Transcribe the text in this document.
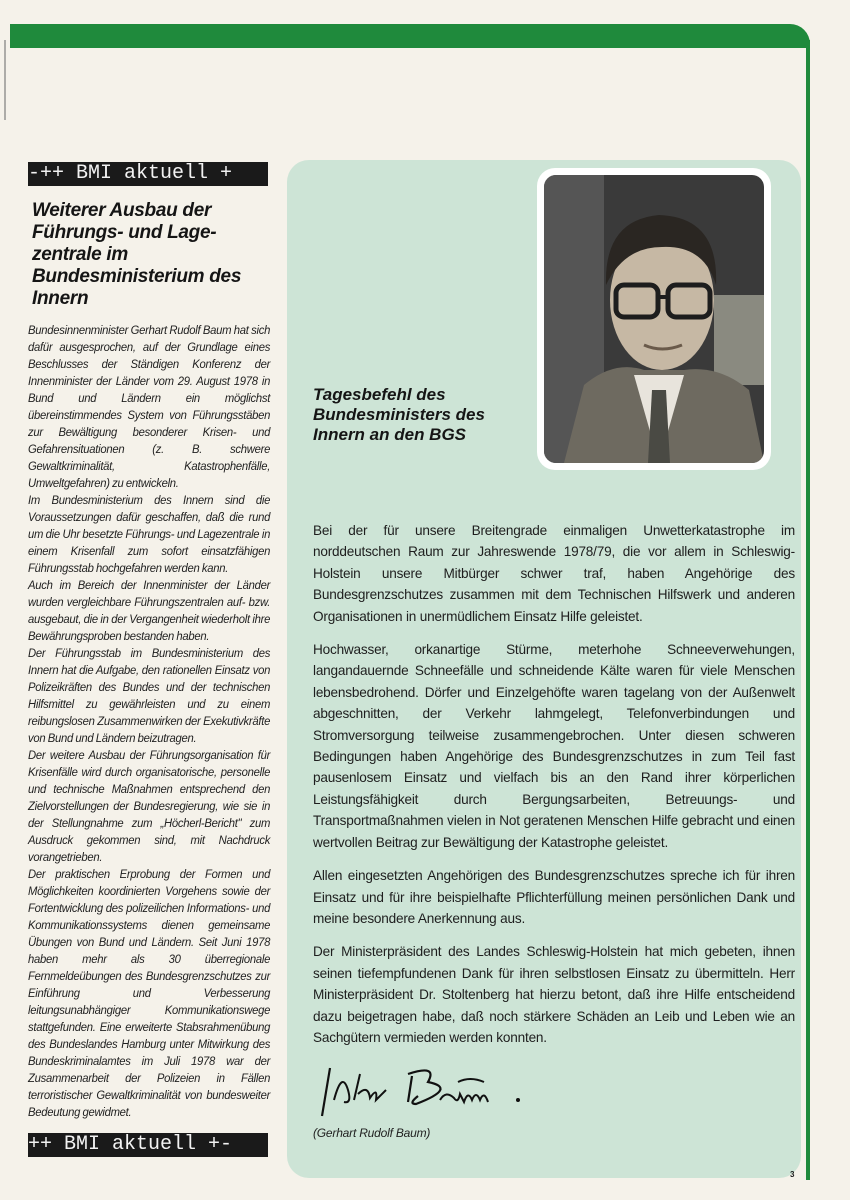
-++ BMI aktuell +
Weiterer Ausbau der Führungs- und Lage-zentrale im Bundesministerium des Innern

Bundesinnenminister Gerhart Rudolf Baum hat sich dafür ausgesprochen, auf der Grundlage eines Beschlusses der Ständigen Konferenz der Innenminister der Länder vom 29. August 1978 in Bund und Ländern ein möglichst übereinstimmendes System von Führungsstäben zur Bewältigung besonderer Krisen- und Gefahrensituationen (z. B. schwere Gewaltkriminalität, Katastrophenfälle, Umweltgefahren) zu entwickeln.

Im Bundesministerium des Innern sind die Voraussetzungen dafür geschaffen, daß die rund um die Uhr besetzte Führungs- und Lagezentrale in einem Krisenfall zum sofort einsatzfähigen Führungsstab hochgefahren werden kann.

Auch im Bereich der Innenminister der Länder wurden vergleichbare Führungszentralen auf- bzw. ausgebaut, die in der Vergangenheit wiederholt ihre Bewährungsproben bestanden haben.

Der Führungsstab im Bundesministerium des Innern hat die Aufgabe, den rationellen Einsatz von Polizeikräften des Bundes und der technischen Hilfsmittel zu gewährleisten und zu einem reibungslosen Zusammenwirken der Exekutivkräfte von Bund und Ländern beizutragen.

Der weitere Ausbau der Führungsorganisation für Krisenfälle wird durch organisatorische, personelle und technische Maßnahmen entsprechend den Zielvorstellungen der Bundesregierung, wie sie in der Stellungnahme zum „Höcherl-Bericht" zum Ausdruck gekommen sind, mit Nachdruck vorangetrieben.

Der praktischen Erprobung der Formen und Möglichkeiten koordinierten Vorgehens sowie der Fortentwicklung des polizeilichen Informations- und Kommunikationssystems dienen gemeinsame Übungen von Bund und Ländern. Seit Juni 1978 haben mehr als 30 überregionale Fernmeldeübungen des Bundesgrenzschutzes zur Einführung und Verbesserung leitungsunabhängiger Kommunikationswege stattgefunden. Eine erweiterte Stabsrahmenübung des Bundeslandes Hamburg unter Mitwirkung des Bundeskriminalamtes im Juli 1978 war der Zusammenarbeit der Polizeien in Fällen terroristischer Gewaltkriminalität von bundesweiter Bedeutung gewidmet.

++ BMI aktuell +-
Tagesbefehl des Bundesministers des Innern an den BGS

Bei der für unsere Breitengrade einmaligen Unwetterkatastrophe im norddeutschen Raum zur Jahreswende 1978/79, die vor allem in Schleswig-Holstein unsere Mitbürger schwer traf, haben Angehörige des Bundesgrenzschutzes zusammen mit dem Technischen Hilfswerk und anderen Organisationen in unermüdlichem Einsatz Hilfe geleistet.

Hochwasser, orkanartige Stürme, meterhohe Schneeverwehungen, langandauernde Schneefälle und schneidende Kälte waren für viele Menschen lebensbedrohend. Dörfer und Einzelgehöfte waren tagelang von der Außenwelt abgeschnitten, der Verkehr lahmgelegt, Telefonverbindungen und Stromversorgung teilweise zusammengebrochen. Unter diesen schweren Bedingungen haben Angehörige des Bundesgrenzschutzes in zum Teil fast pausenlosem Einsatz und vielfach bis an den Rand ihrer körperlichen Leistungsfähigkeit durch Bergungsarbeiten, Betreuungs- und Transportmaßnahmen vielen in Not geratenen Menschen Hilfe gebracht und einen wertvollen Beitrag zur Bewältigung der Katastrophe geleistet.

Allen eingesetzten Angehörigen des Bundesgrenzschutzes spreche ich für ihren Einsatz und für ihre beispielhafte Pflichterfüllung meinen persönlichen Dank und meine besondere Anerkennung aus.

Der Ministerpräsident des Landes Schleswig-Holstein hat mich gebeten, ihnen seinen tiefempfundenen Dank für ihren selbstlosen Einsatz zu übermitteln. Herr Ministerpräsident Dr. Stoltenberg hat hierzu betont, daß ihre Hilfe entscheidend dazu beigetragen habe, daß noch stärkere Schäden an Leib und Leben wie an Sachgütern vermieden werden konnten.

(Gerhart Rudolf Baum)
3
